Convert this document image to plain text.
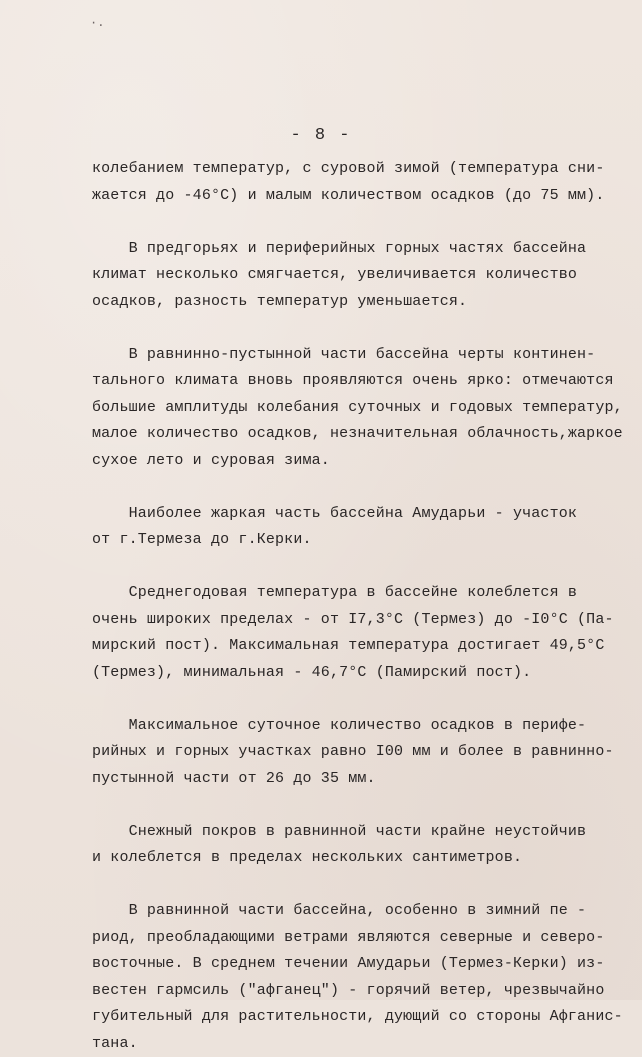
·.
- 8 -
колебанием температур, с суровой зимой (температура сни-
жается до -46°C) и малым количеством осадков (до 75 мм).
В предгорьях и периферийных горных частях бассейна
климат несколько смягчается, увеличивается количество
осадков, разность температур уменьшается.
В равнинно-пустынной части бассейна черты континен-
тального климата вновь проявляются очень ярко: отмечаются
большие амплитуды колебания суточных и годовых температур,
малое количество осадков, незначительная облачность,жаркое
сухое лето и суровая зима.
Наиболее жаркая часть бассейна Амударьи - участок
от г.Термеза до г.Керки.
Среднегодовая температура в бассейне колеблется в
очень широких пределах - от I7,3°C (Термез) до -I0°C (Па-
мирский пост). Максимальная температура достигает 49,5°C
(Термез), минимальная - 46,7°C (Памирский пост).
Максимальное суточное количество осадков в перифе-
рийных и горных участках равно I00 мм и более в равнинно-
пустынной части от 26 до 35 мм.
Снежный покров в равнинной части крайне неустойчив
и колеблется в пределах нескольких сантиметров.
В равнинной части бассейна, особенно в зимний пе -
риод, преобладающими ветрами являются северные и северо-
восточные. В среднем течении Амударьи (Термез-Керки) из-
вестен гармсиль ("афганец") - горячий ветер, чрезвычайно
губительный для растительности, дующий со стороны Афганис-
тана.
